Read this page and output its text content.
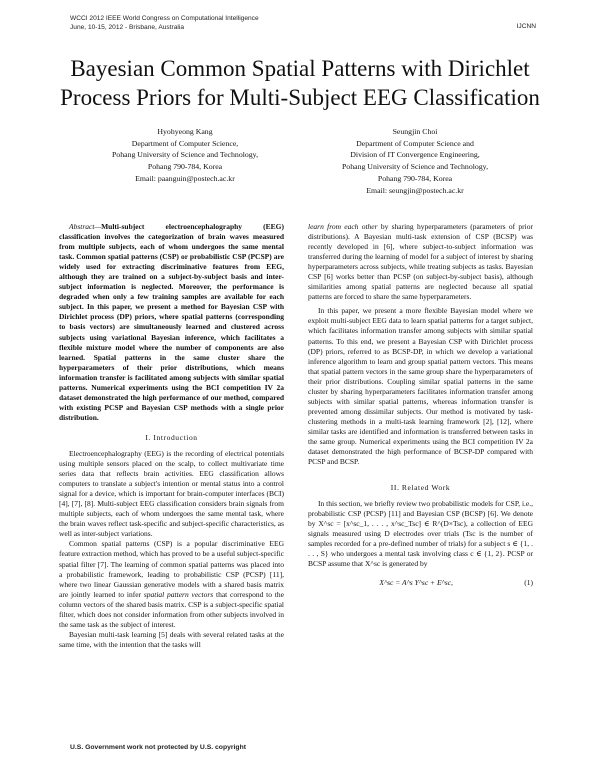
WCCI 2012 IEEE World Congress on Computational Intelligence
June, 10-15, 2012 - Brisbane, Australia	IJCNN
Bayesian Common Spatial Patterns with Dirichlet Process Priors for Multi-Subject EEG Classification
Hyohyeong Kang
Department of Computer Science,
Pohang University of Science and Technology,
Pohang 790-784, Korea
Email: paanguin@postech.ac.kr
Seungjin Choi
Department of Computer Science and
Division of IT Convergence Engineering,
Pohang University of Science and Technology,
Pohang 790-784, Korea
Email: seungjin@postech.ac.kr

Abstract—Multi-subject electroencephalography (EEG) classification involves the categorization of brain waves measured from multiple subjects, each of whom undergoes the same mental task. Common spatial patterns (CSP) or probabilistic CSP (PCSP) are widely used for extracting discriminative features from EEG, although they are trained on a subject-by-subject basis and inter-subject information is neglected. Moreover, the performance is degraded when only a few training samples are available for each subject. In this paper, we present a method for Bayesian CSP with Dirichlet process (DP) priors, where spatial patterns (corresponding to basis vectors) are simultaneously learned and clustered across subjects using variational Bayesian inference, which facilitates a flexible mixture model where the number of components are also learned. Spatial patterns in the same cluster share the hyperparameters of their prior distributions, which means information transfer is facilitated among subjects with similar spatial patterns. Numerical experiments using the BCI competition IV 2a dataset demonstrated the high performance of our method, compared with existing PCSP and Bayesian CSP methods with a single prior distribution.

I. Introduction

Electroencephalography (EEG) is the recording of electrical potentials using multiple sensors placed on the scalp, to collect multivariate time series data that reflects brain activities. EEG classification allows computers to translate a subject's intention or mental status into a control signal for a device, which is important for brain-computer interfaces (BCI) [4], [7], [8]. Multi-subject EEG classification considers brain signals from multiple subjects, each of whom undergoes the same mental task, where the brain waves reflect task-specific and subject-specific characteristics, as well as inter-subject variations.

Common spatial patterns (CSP) is a popular discriminative EEG feature extraction method, which has proved to be a useful subject-specific spatial filter [7]. The learning of common spatial patterns was placed into a probabilistic framework, leading to probabilistic CSP (PCSP) [11], where two linear Gaussian generative models with a shared basis matrix are jointly learned to infer spatial pattern vectors that correspond to the column vectors of the shared basis matrix. CSP is a subject-specific spatial filter, which does not consider information from other subjects involved in the same task as the subject of interest.

Bayesian multi-task learning [5] deals with several related tasks at the same time, with the intention that the tasks will

learn from each other by sharing hyperparameters (parameters of prior distributions). A Bayesian multi-task extension of CSP (BCSP) was recently developed in [6], where subject-to-subject information was transferred during the learning of model for a subject of interest by sharing hyperparameters across subjects, while treating subjects as tasks. Bayesian CSP [6] works better than PCSP (on subject-by-subject basis), although similarities among spatial patterns are neglected because all spatial patterns are forced to share the same hyperparameters.

In this paper, we present a more flexible Bayesian model where we exploit multi-subject EEG data to learn spatial patterns for a target subject, which facilitates information transfer among subjects with similar spatial patterns. To this end, we present a Bayesian CSP with Dirichlet process (DP) priors, referred to as BCSP-DP, in which we develop a variational inference algorithm to learn and group spatial pattern vectors. This means that spatial pattern vectors in the same group share the hyperparameters of their prior distributions. Coupling similar spatial patterns in the same cluster by sharing hyperparameters facilitates information transfer among subjects with similar spatial patterns, whereas information transfer is prevented among dissimilar subjects. Our method is motivated by task-clustering methods in a multi-task learning framework [2], [12], where similar tasks are identified and information is transferred between tasks in the same group. Numerical experiments using the BCI competition IV 2a dataset demonstrated the high performance of BCSP-DP compared with PCSP and BCSP.

II. Related Work

In this section, we briefly review two probabilistic models for CSP, i.e., probabilistic CSP (PCSP) [11] and Bayesian CSP (BCSP) [6]. We denote by X^sc = [x^sc_1, . . . , x^sc_Tsc] ∈ R^(D×Tsc), a collection of EEG signals measured using D electrodes over trials (Tsc is the number of samples recorded for a pre-defined number of trials) for a subject s ∈ {1, . . . , S} who undergoes a mental task involving class c ∈ {1, 2}. PCSP or BCSP assume that X^sc is generated by

X^sc = A^s Y^sc + E^sc,	(1)
U.S. Government work not protected by U.S. copyright
